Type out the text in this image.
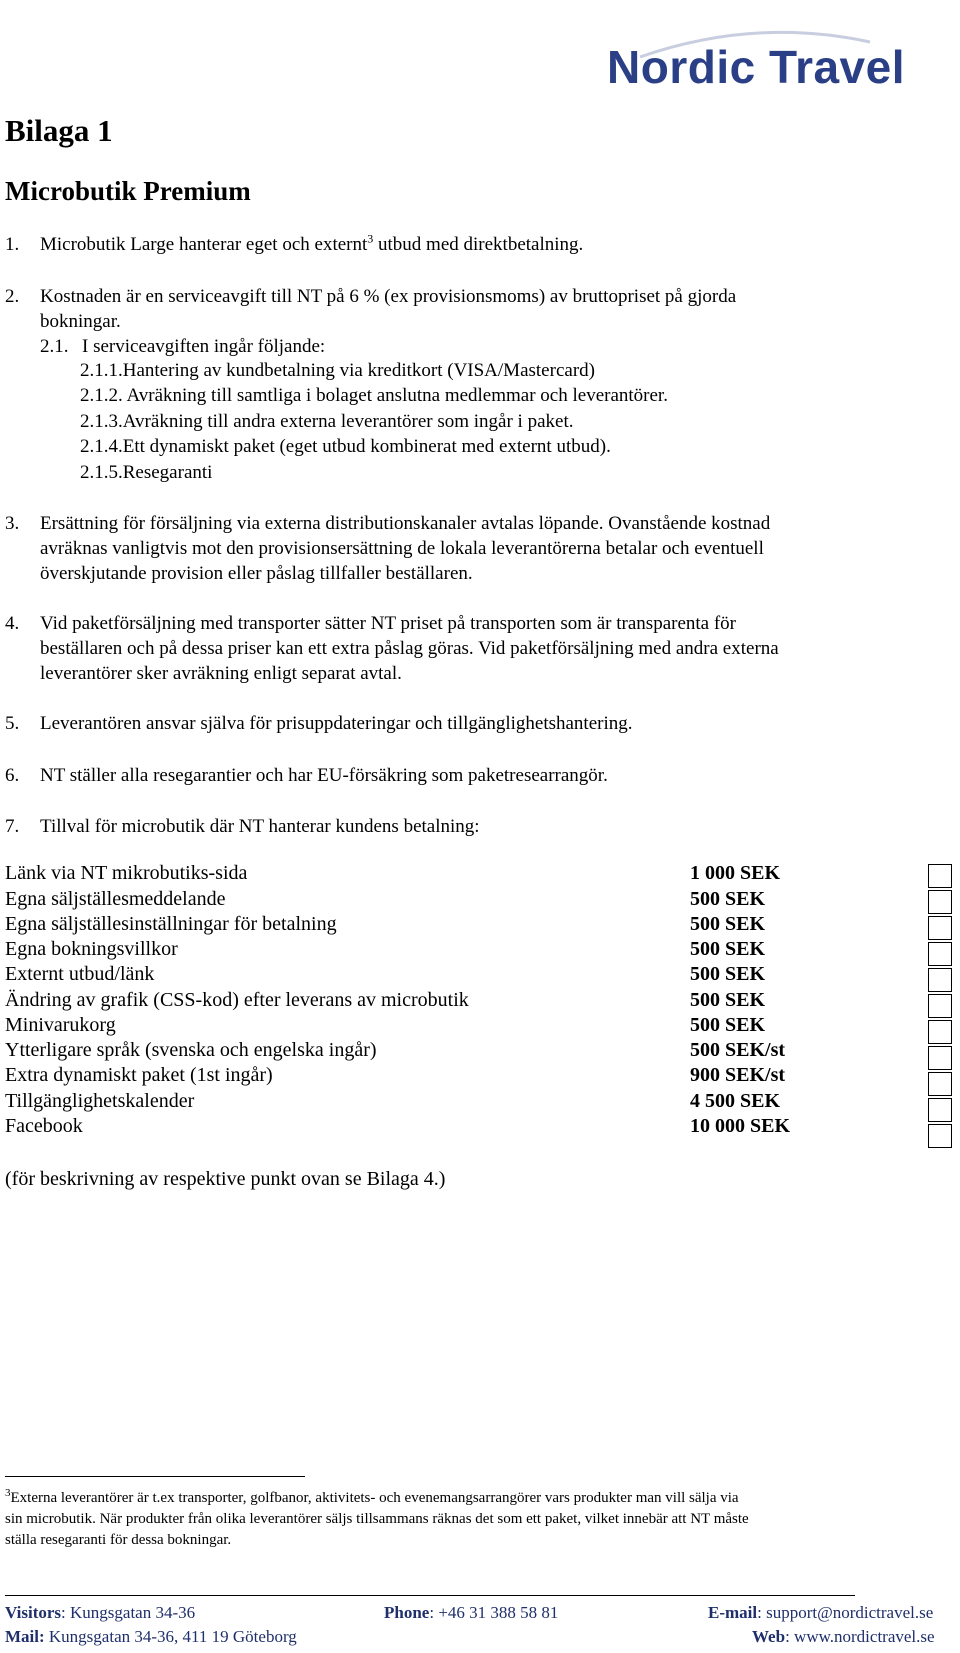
Nordic Travel
Bilaga 1
Microbutik Premium
1. Microbutik Large hanterar eget och externt$^3$ utbud med direktbetalning.
2. Kostnaden är en serviceavgift till NT på 6 % (ex provisionsmoms) av bruttopriset på gjorda
bokningar.
2.1. I serviceavgiften ingår följande:
2.1.1.Hantering av kundbetalning via kreditkort (VISA/Mastercard)
2.1.2. Avräkning till samtliga i bolaget anslutna medlemmar och leverantörer.
2.1.3.Avräkning till andra externa leverantörer som ingår i paket.
2.1.4.Ett dynamiskt paket (eget utbud kombinerat med externt utbud).
2.1.5.Resegaranti
3. Ersättning för försäljning via externa distributionskanaler avtalas löpande. Ovanstående kostnad
avräknas vanligtvis mot den provisionsersättning de lokala leverantörerna betalar och eventuell
överskjutande provision eller påslag tillfaller beställaren.
4. Vid paketförsäljning med transporter sätter NT priset på transporten som är transparenta för
beställaren och på dessa priser kan ett extra påslag göras. Vid paketförsäljning med andra externa
leverantörer sker avräkning enligt separat avtal.
5. Leverantören ansvar själva för prisuppdateringar och tillgänglighetshantering.
6. NT ställer alla resegarantier och har EU-försäkring som paketresearrangör.
7. Tillval för microbutik där NT hanterar kundens betalning:
Länk via NT mikrobutiks-sida	1 000 SEK
Egna säljställesmeddelande	500 SEK
Egna säljställesinställningar för betalning	500 SEK
Egna bokningsvillkor	500 SEK
Externt utbud/länk	500 SEK
Ändring av grafik (CSS-kod) efter leverans av microbutik	500 SEK
Minivarukorg	500 SEK
Ytterligare språk (svenska och engelska ingår)	500 SEK/st
Extra dynamiskt paket (1st ingår)	900 SEK/st
Tillgänglighetskalender	4 500 SEK
Facebook	10 000 SEK
(för beskrivning av respektive punkt ovan se Bilaga 4.)
$^3$Externa leverantörer är t.ex transporter, golfbanor, aktivitets- och evenemangsarrangörer vars produkter man vill sälja via
sin microbutik. När produkter från olika leverantörer säljs tillsammans räknas det som ett paket, vilket innebär att NT måste
ställa resegaranti för dessa bokningar.
Visitors: Kungsgatan 34-36
Mail: Kungsgatan 34-36, 411 19 Göteborg
Phone: +46 31 388 58 81	E-mail: support@nordictravel.se
Web: www.nordictravel.se
